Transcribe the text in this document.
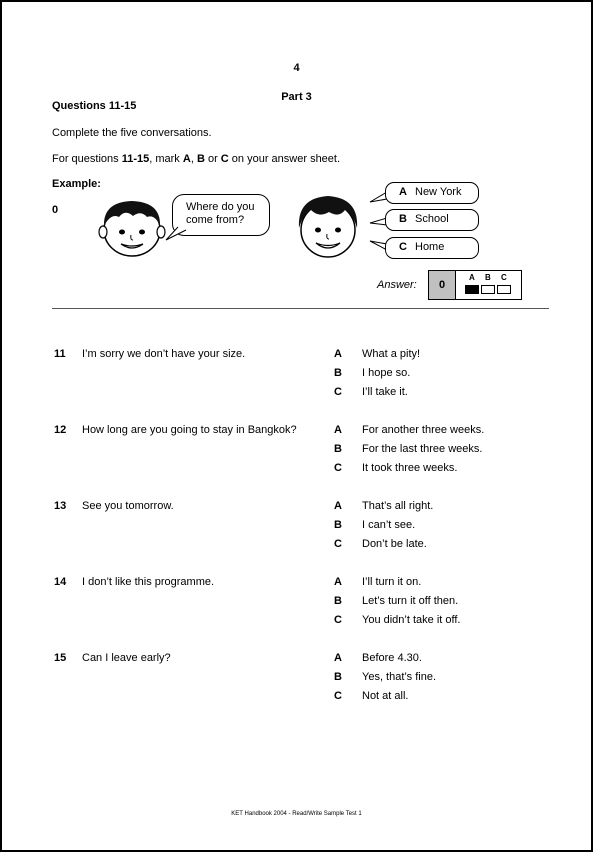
4
Part 3
Questions 11-15
Complete the five conversations.
For questions 11-15, mark A, B or C on your answer sheet.
Example:
0	Where do you
come from?
A New York
B School
C Home
Answer:	0
A B C
11 I’m sorry we don’t have your size.	A What a pity!
B I hope so.
C I’ll take it.
12 How long are you going to stay in Bangkok?	A For another three weeks.
B For the last three weeks.
C It took three weeks.
13 See you tomorrow.	A That’s all right.
B I can’t see.
C Don’t be late.
14 I don’t like this programme.	A I’ll turn it on.
B Let’s turn it off then.
C You didn’t take it off.
15 Can I leave early?	A Before 4.30.
B Yes, that’s fine.
C Not at all.
KET Handbook 2004 - Read/Write Sample Test 1
